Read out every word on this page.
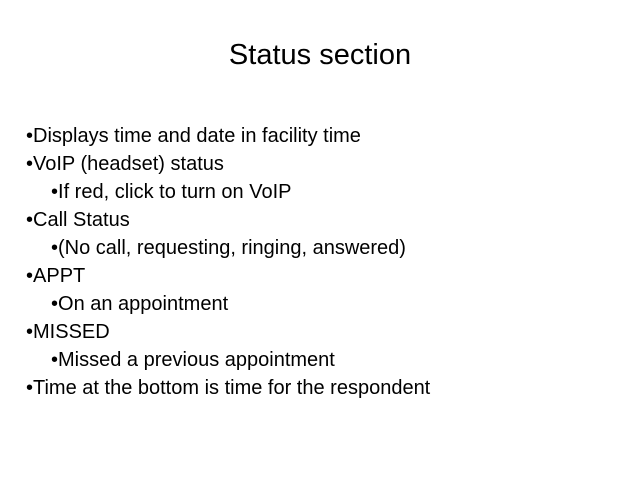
Status section
•Displays time and date in facility time
•VoIP (headset) status
•If red, click to turn on VoIP
•Call Status
•(No call, requesting, ringing, answered)
•APPT
•On an appointment
•MISSED
•Missed a previous appointment
•Time at the bottom is time for the respondent
